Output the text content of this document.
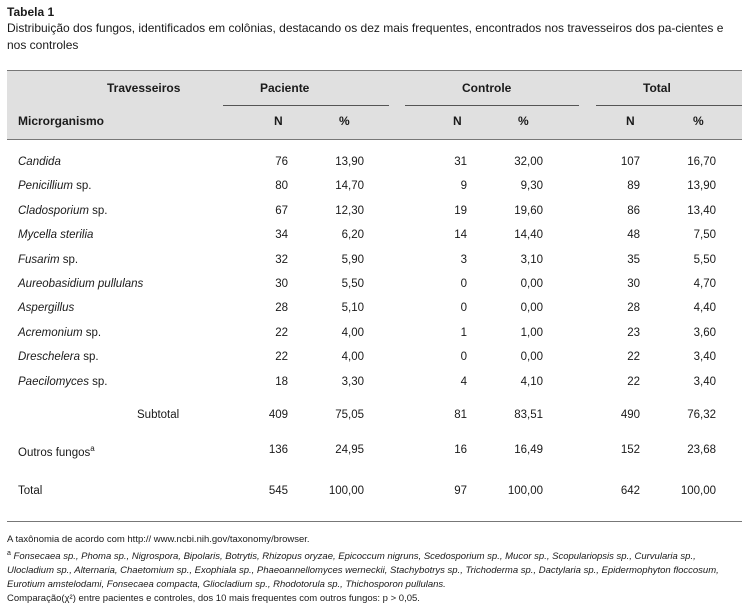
Tabela 1
Distribuição dos fungos, identificados em colônias, destacando os dez mais frequentes, encontrados nos travesseiros dos pa-cientes e nos controles
Travesseiros	Paciente	Controle	Total
Microrganismo	N	%	N	%	N	%
Candida	76	13,90	31	32,00	107	16,70
Penicillium sp.	80	14,70	9	9,30	89	13,90
Cladosporium sp.	67	12,30	19	19,60	86	13,40
Mycella sterilia	34	6,20	14	14,40	48	7,50
Fusarim sp.	32	5,90	3	3,10	35	5,50
Aureobasidium pullulans	30	5,50	0	0,00	30	4,70
Aspergillus	28	5,10	0	0,00	28	4,40
Acremonium sp.	22	4,00	1	1,00	23	3,60
Dreschelera sp.	22	4,00	0	0,00	22	3,40
Paecilomyces sp.	18	3,30	4	4,10	22	3,40
Subtotal	409	75,05	81	83,51	490	76,32
Outros fungos$^a$	136	24,95	16	16,49	152	23,68
Total	545	100,00	97	100,00	642	100,00

A taxônomia de acordo com http:// www.ncbi.nih.gov/taxonomy/browser.

$^a$ Fonsecaea sp., Phoma sp., Nigrospora, Bipolaris, Botrytis, Rhizopus oryzae, Epicoccum nigruns, Scedosporium sp., Mucor sp., Scopulariopsis sp., Curvularia sp., Ulocladium sp., Alternaria, Chaetomium sp., Exophiala sp., Phaeoannellomyces werneckii, Stachybotrys sp., Trichoderma sp., Dactylaria sp., Epidermophyton floccosum, Eurotium amstelodami, Fonsecaea compacta, Gliocladium sp., Rhodotorula sp., Thichosporon pullulans.

Comparação(χ²) entre pacientes e controles, dos 10 mais frequentes com outros fungos: p > 0,05.
